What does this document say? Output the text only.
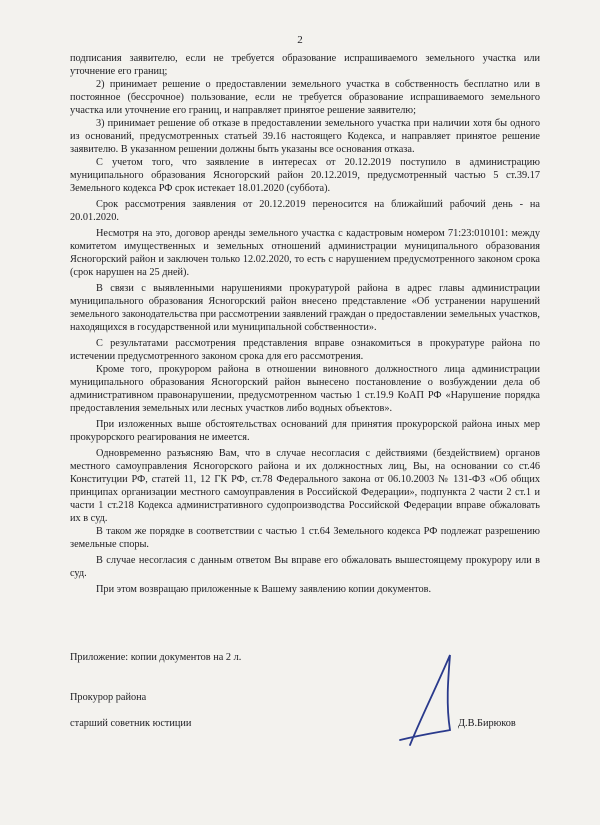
2

подписания заявителю, если не требуется образование испрашиваемого земельного участка или уточнение его границ;

2) принимает решение о предоставлении земельного участка в собственность бесплатно или в постоянное (бессрочное) пользование, если не требуется образование испрашиваемого земельного участка или уточнение его границ, и направляет принятое решение заявителю;

3) принимает решение об отказе в предоставлении земельного участка при наличии хотя бы одного из оснований, предусмотренных статьей 39.16 настоящего Кодекса, и направляет принятое решение заявителю. В указанном решении должны быть указаны все основания отказа.

С учетом того, что заявление в интересах от 20.12.2019 поступило в администрацию муниципального образования Ясногорский район 20.12.2019, предусмотренный частью 5 ст.39.17 Земельного кодекса РФ срок истекает 18.01.2020 (суббота).

Срок рассмотрения заявления от 20.12.2019 переносится на ближайший рабочий день - на 20.01.2020.

Несмотря на это, договор аренды земельного участка с кадастровым номером 71:23:010101: между комитетом имущественных и земельных отношений администрации муниципального образования Ясногорский район и заключен только 12.02.2020, то есть с нарушением предусмотренного законом срока (срок нарушен на 25 дней).

В связи с выявленными нарушениями прокуратурой района в адрес главы администрации муниципального образования Ясногорский район внесено представление «Об устранении нарушений земельного законодательства при рассмотрении заявлений граждан о предоставлении земельных участков, находящихся в государственной или муниципальной собственности».

С результатами рассмотрения представления вправе ознакомиться в прокуратуре района по истечении предусмотренного законом срока для его рассмотрения.

Кроме того, прокурором района в отношении виновного должностного лица администрации муниципального образования Ясногорский район вынесено постановление о возбуждении дела об административном правонарушении, предусмотренном частью 1 ст.19.9 КоАП РФ «Нарушение порядка предоставления земельных или лесных участков либо водных объектов».

При изложенных выше обстоятельствах оснований для принятия прокурорской района иных мер прокурорского реагирования не имеется.

Одновременно разъясняю Вам, что в случае несогласия с действиями (бездействием) органов местного самоуправления Ясногорского района и их должностных лиц, Вы, на основании со ст.46 Конституции РФ, статей 11, 12 ГК РФ, ст.78 Федерального закона от 06.10.2003 № 131-ФЗ «Об общих принципах организации местного самоуправления в Российской Федерации», подпункта 2 части 2 ст.1 и части 1 ст.218 Кодекса административного судопроизводства Российской Федерации вправе обжаловать их в суд.

В таком же порядке в соответствии с частью 1 ст.64 Земельного кодекса РФ подлежат разрешению земельные споры.

В случае несогласия с данным ответом Вы вправе его обжаловать вышестоящему прокурору или в суд.

При этом возвращаю приложенные к Вашему заявлению копии документов.

Приложение: копии документов на 2 л.
Прокурор района
старший советник юстиции	Д.В.Бирюков
